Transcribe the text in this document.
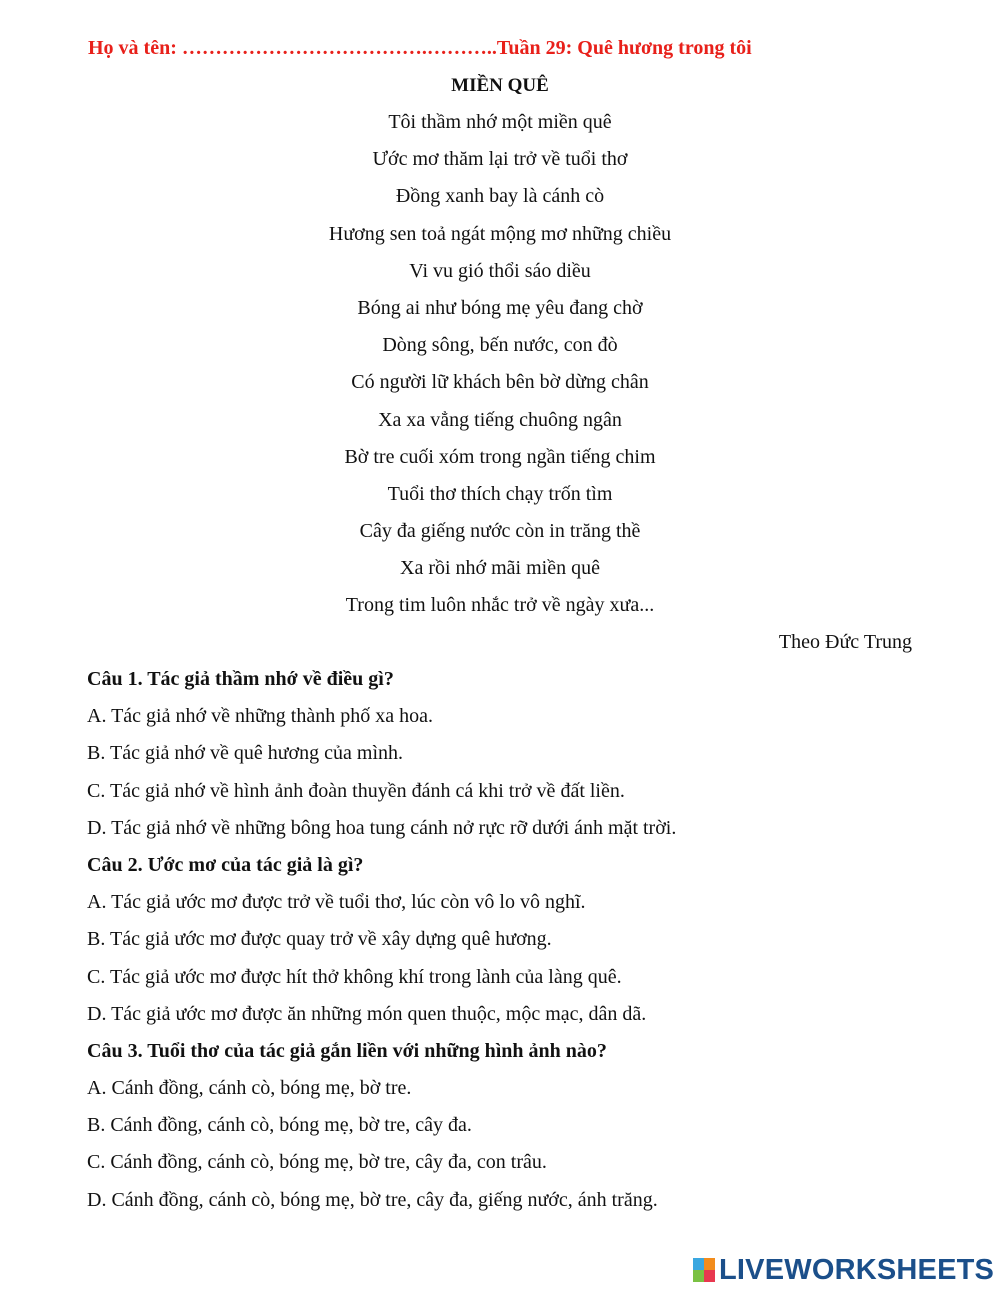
Họ và tên: ……………………………….………..Tuần 29: Quê hương trong tôi
MIỀN QUÊ
Tôi thầm nhớ một miền quê
Ước mơ thăm lại trở về tuổi thơ
Đồng xanh bay là cánh cò
Hương sen toả ngát mộng mơ những chiều
Vi vu gió thổi sáo diều
Bóng ai như bóng mẹ yêu đang chờ
Dòng sông, bến nước, con đò
Có người lữ khách bên bờ dừng chân
Xa xa vẳng tiếng chuông ngân
Bờ tre cuối xóm trong ngần tiếng chim
Tuổi thơ thích chạy trốn tìm
Cây đa giếng nước còn in trăng thề
Xa rồi nhớ mãi miền quê
Trong tim luôn nhắc trở về ngày xưa...
Theo Đức Trung
Câu 1. Tác giả thầm nhớ về điều gì?
A. Tác giả nhớ về những thành phố xa hoa.
B. Tác giả nhớ về quê hương của mình.
C. Tác giả nhớ về hình ảnh đoàn thuyền đánh cá khi trở về đất liền.
D. Tác giả nhớ về những bông hoa tung cánh nở rực rỡ dưới ánh mặt trời.
Câu 2. Ước mơ của tác giả là gì?
A. Tác giả ước mơ được trở về tuổi thơ, lúc còn vô lo vô nghĩ.
B. Tác giả ước mơ được quay trở về xây dựng quê hương.
C. Tác giả ước mơ được hít thở không khí trong lành của làng quê.
D. Tác giả ước mơ được ăn những món quen thuộc, mộc mạc, dân dã.
Câu 3. Tuổi thơ của tác giả gắn liền với những hình ảnh nào?
A. Cánh đồng, cánh cò, bóng mẹ, bờ tre.
B. Cánh đồng, cánh cò, bóng mẹ, bờ tre, cây đa.
C. Cánh đồng, cánh cò, bóng mẹ, bờ tre, cây đa, con trâu.
D. Cánh đồng, cánh cò, bóng mẹ, bờ tre, cây đa, giếng nước, ánh trăng.
LIVEWORKSHEETS
